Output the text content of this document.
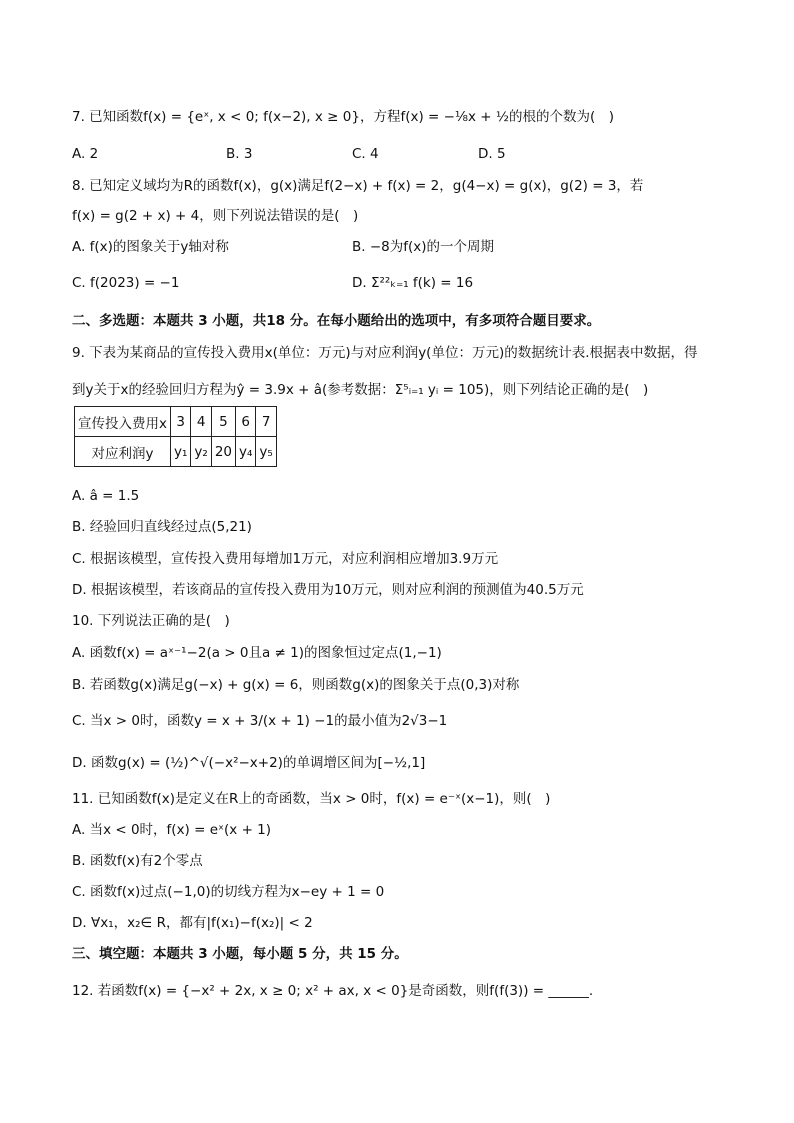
7. 已知函数f(x) = {eˣ, x < 0; f(x−2), x ≥ 0}，方程f(x) = −⅛x + ½的根的个数为(　)
A. 2	B. 3	C. 4	D. 5
8. 已知定义域均为R的函数f(x)，g(x)满足f(2−x) + f(x) = 2，g(4−x) = g(x)，g(2) = 3，若
f(x) = g(2 + x) + 4，则下列说法错误的是(　)
A. f(x)的图象关于y轴对称	B. −8为f(x)的一个周期
C. f(2023) = −1	D. Σ²²ₖ₌₁ f(k) = 16
二、多选题：本题共 3 小题，共18 分。在每小题给出的选项中，有多项符合题目要求。
9. 下表为某商品的宣传投入费用x(单位：万元)与对应利润y(单位：万元)的数据统计表.根据表中数据，得
到y关于x的经验回归方程为ŷ = 3.9x + â(参考数据：Σ⁵ᵢ₌₁ yᵢ = 105)，则下列结论正确的是(　)
宣传投入费用x	3	4	5	6	7
对应利润y	y₁	y₂	20	y₄	y₅
A. â = 1.5
B. 经验回归直线经过点(5,21)
C. 根据该模型，宣传投入费用每增加1万元，对应利润相应增加3.9万元
D. 根据该模型，若该商品的宣传投入费用为10万元，则对应利润的预测值为40.5万元
10. 下列说法正确的是(　)
A. 函数f(x) = aˣ⁻¹−2(a > 0且a ≠ 1)的图象恒过定点(1,−1)
B. 若函数g(x)满足g(−x) + g(x) = 6，则函数g(x)的图象关于点(0,3)对称
C. 当x > 0时，函数y = x + 3/(x + 1) −1的最小值为2√3−1
D. 函数g(x) = (½)^√(−x²−x+2)的单调增区间为[−½,1]
11. 已知函数f(x)是定义在R上的奇函数，当x > 0时，f(x) = e⁻ˣ(x−1)，则(　)
A. 当x < 0时，f(x) = eˣ(x + 1)
B. 函数f(x)有2个零点
C. 函数f(x)过点(−1,0)的切线方程为x−ey + 1 = 0
D. ∀x₁，x₂∈ R，都有|f(x₁)−f(x₂)| < 2
三、填空题：本题共 3 小题，每小题 5 分，共 15 分。
12. 若函数f(x) = {−x² + 2x, x ≥ 0; x² + ax, x < 0}是奇函数，则f(f(3)) = ______.
